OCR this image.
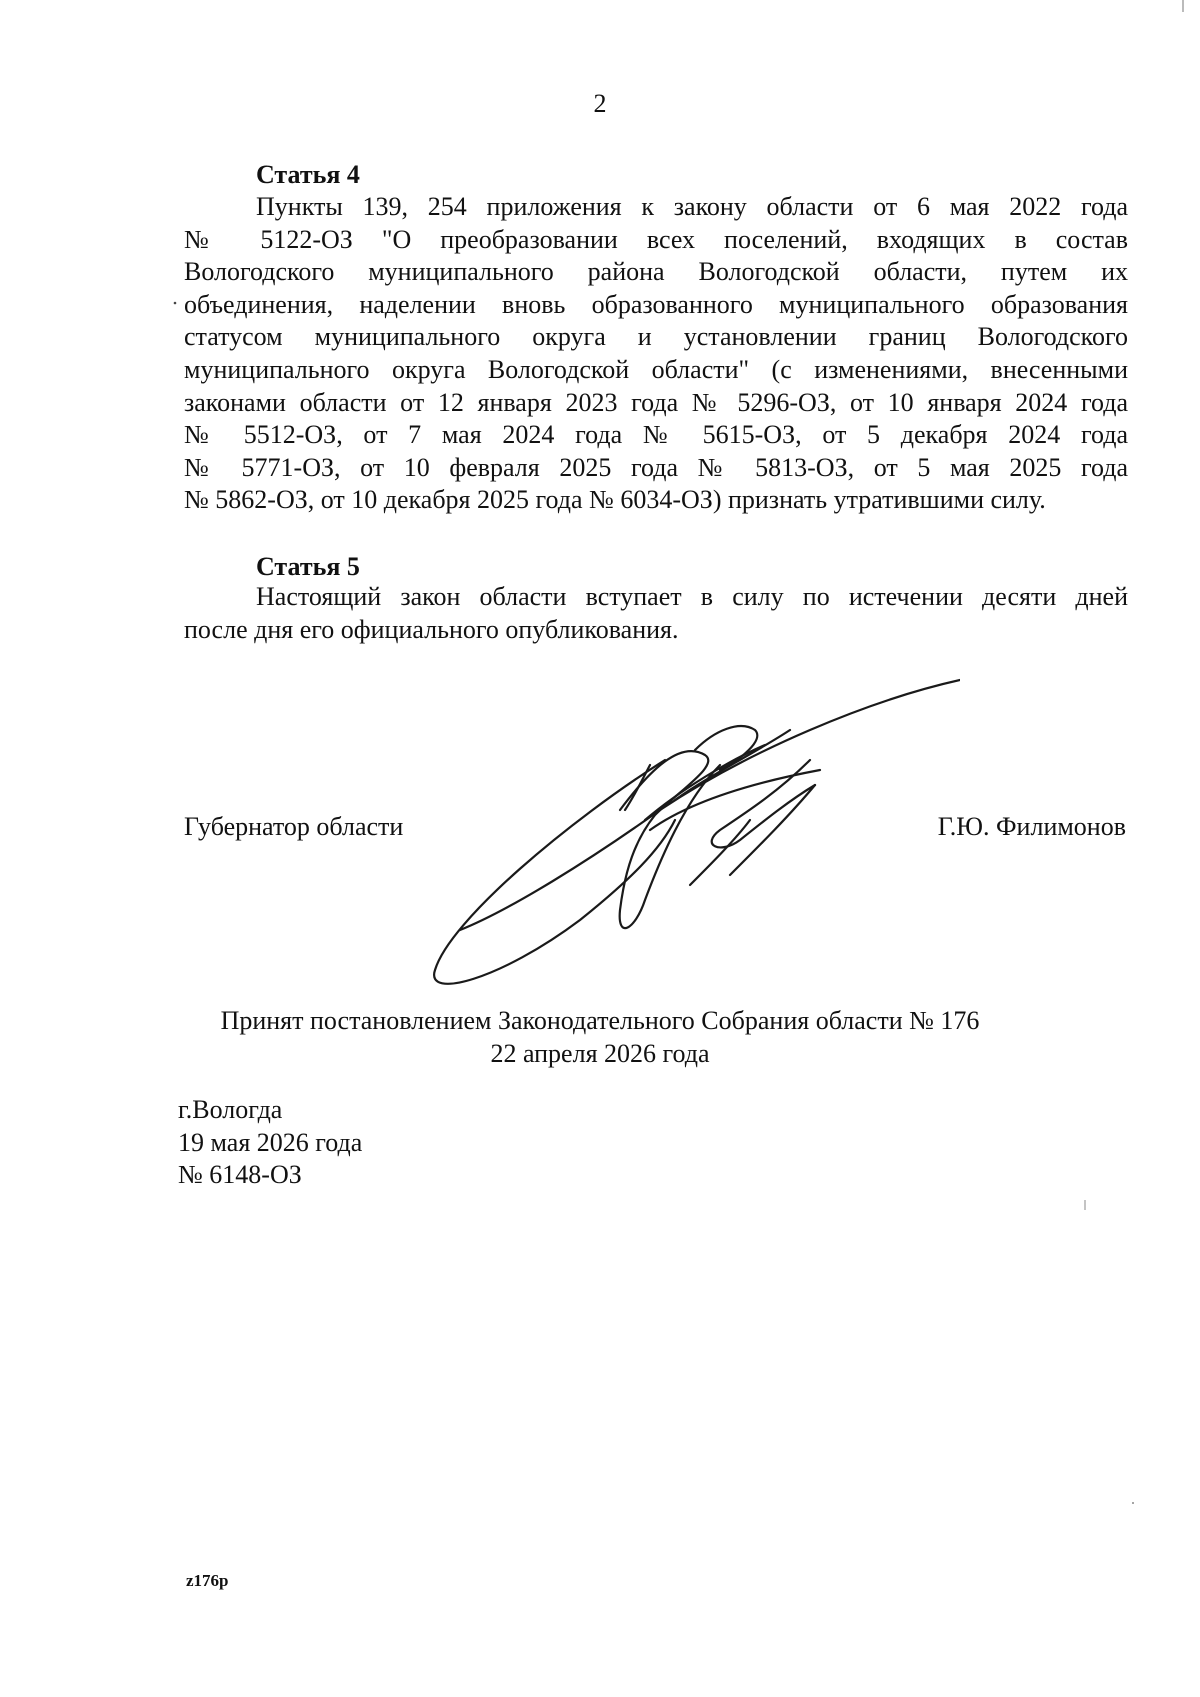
2
Статья 4
Пункты 139, 254 приложения к закону области от 6 мая 2022 года
№ 5122-ОЗ "О преобразовании всех поселений, входящих в состав
Вологодского муниципального района Вологодской области, путем их
объединения, наделении вновь образованного муниципального образования
статусом муниципального округа и установлении границ Вологодского
муниципального округа Вологодской области" (с изменениями, внесенными
законами области от 12 января 2023 года № 5296-ОЗ, от 10 января 2024 года
№ 5512-ОЗ, от 7 мая 2024 года № 5615-ОЗ, от 5 декабря 2024 года
№ 5771-ОЗ, от 10 февраля 2025 года № 5813-ОЗ, от 5 мая 2025 года
№ 5862-ОЗ, от 10 декабря 2025 года № 6034-ОЗ) признать утратившими силу.
Статья 5
Настоящий закон области вступает в силу по истечении десяти дней
после дня его официального опубликования.
Губернатор области	Г.Ю. Филимонов
Принят постановлением Законодательного Собрания области № 176
22 апреля 2026 года
г.Вологда
19 мая 2026 года
№ 6148-ОЗ
z176p
